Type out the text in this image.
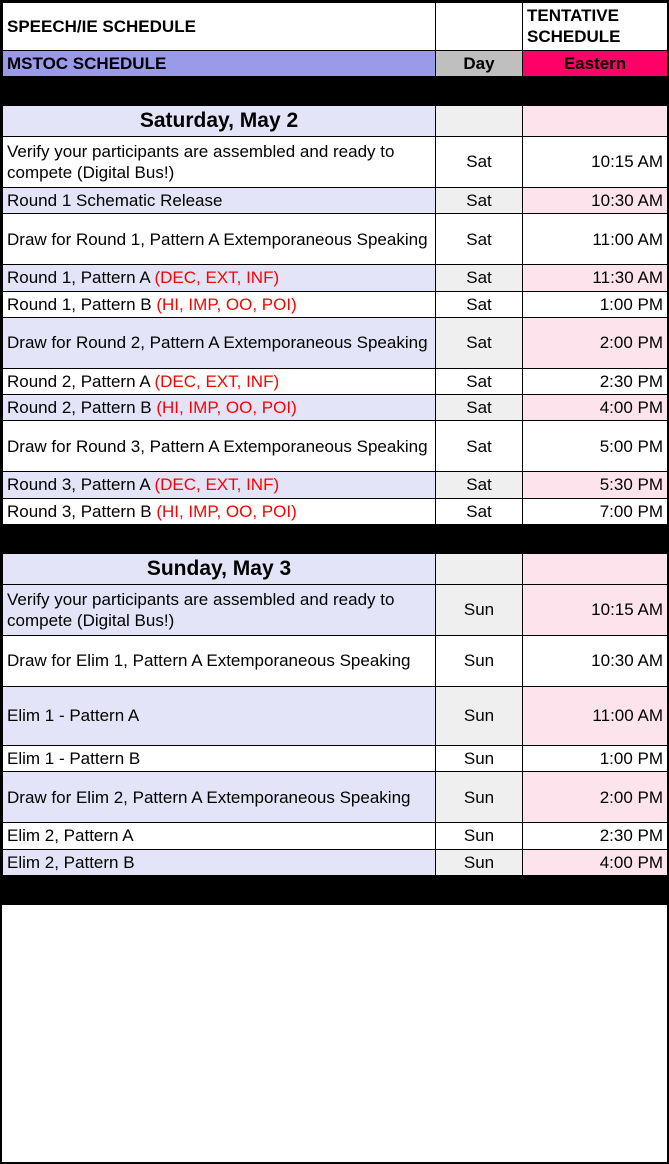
SPEECH/IE SCHEDULE		TENTATIVE
SCHEDULE

MSTOC SCHEDULE	Day	Eastern

Saturday, May 2		
Verify your participants are assembled and ready to compete (Digital Bus!)	Sat	10:15 AM
Round 1 Schematic Release	Sat	10:30 AM
Draw for Round 1, Pattern A Extemporaneous Speaking	Sat	11:00 AM
Round 1, Pattern A (DEC, EXT, INF)	Sat	11:30 AM
Round 1, Pattern B (HI, IMP, OO, POI)	Sat	1:00 PM
Draw for Round 2, Pattern A Extemporaneous Speaking	Sat	2:00 PM
Round 2, Pattern A (DEC, EXT, INF)	Sat	2:30 PM
Round 2, Pattern B (HI, IMP, OO, POI)	Sat	4:00 PM
Draw for Round 3, Pattern A Extemporaneous Speaking	Sat	5:00 PM
Round 3, Pattern A (DEC, EXT, INF)	Sat	5:30 PM
Round 3, Pattern B (HI, IMP, OO, POI)	Sat	7:00 PM

Sunday, May 3		
Verify your participants are assembled and ready to compete (Digital Bus!)	Sun	10:15 AM
Draw for Elim 1, Pattern A Extemporaneous Speaking	Sun	10:30 AM
Elim 1 - Pattern A	Sun	11:00 AM
Elim 1 - Pattern B	Sun	1:00 PM
Draw for Elim 2, Pattern A Extemporaneous Speaking	Sun	2:00 PM
Elim 2, Pattern A	Sun	2:30 PM
Elim 2, Pattern B	Sun	4:00 PM
